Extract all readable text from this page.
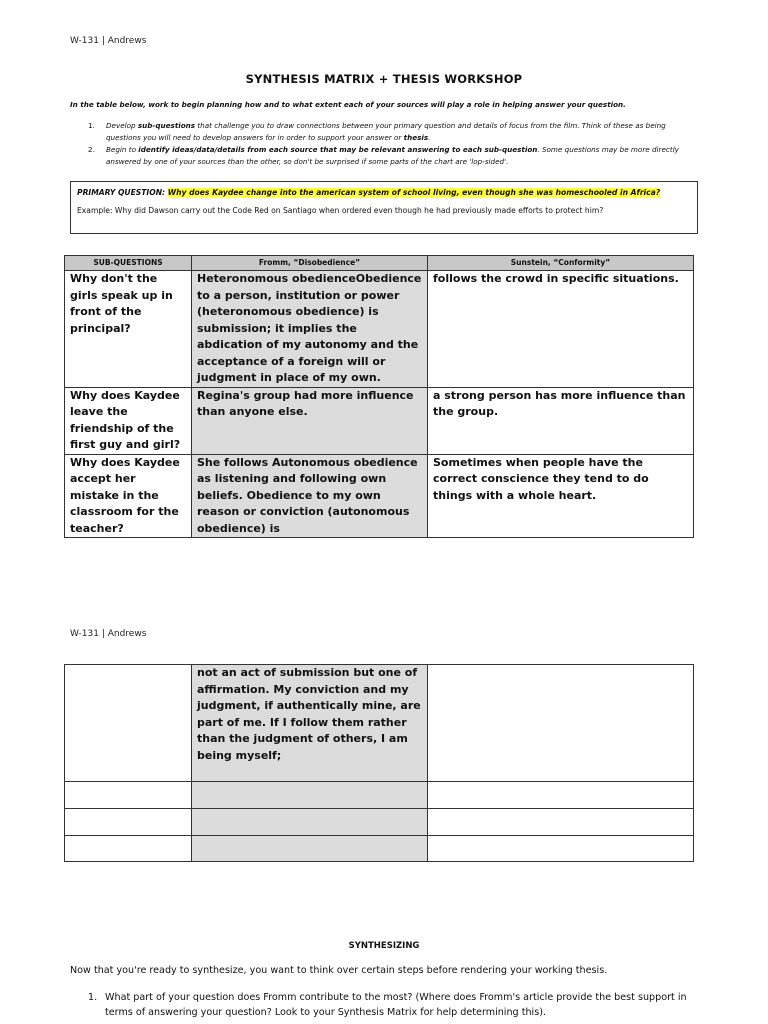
W-131 | Andrews
SYNTHESIS MATRIX + THESIS WORKSHOP
In the table below, work to begin planning how and to what extent each of your sources will play a role in helping answer your question.
1. Develop sub-questions that challenge you to draw connections between your primary question and details of focus from the film. Think of these as being questions you will need to develop answers for in order to support your answer or thesis.
2. Begin to identify ideas/data/details from each source that may be relevant answering to each sub-question. Some questions may be more directly answered by one of your sources than the other, so don't be surprised if some parts of the chart are 'lop-sided'.
PRIMARY QUESTION: Why does Kaydee change into the american system of school living, even though she was homeschooled in Africa?
Example: Why did Dawson carry out the Code Red on Santiago when ordered even though he had previously made efforts to protect him?
SUB-QUESTIONS	Fromm, “Disobedience”	Sunstein, “Conformity”
Why don't the girls speak up in front of the principal?	Heteronomous obedienceObedience to a person, institution or power (heteronomous obedience) is submission; it implies the abdication of my autonomy and the acceptance of a foreign will or judgment in place of my own.	follows the crowd in specific situations.
Why does Kaydee leave the friendship of the first guy and girl?	Regina's group had more influence than anyone else.	a strong person has more influence than the group.
Why does Kaydee accept her mistake in the classroom for the teacher?	She follows Autonomous obedience as listening and following own beliefs. Obedience to my own reason or conviction (autonomous obedience) is	Sometimes when people have the correct conscience they tend to do things with a whole heart.
W-131 | Andrews
	not an act of submission but one of affirmation. My conviction and my judgment, if authentically mine, are part of me. If I follow them rather than the judgment of others, I am being myself;	

SYNTHESIZING
Now that you're ready to synthesize, you want to think over certain steps before rendering your working thesis.
1. What part of your question does Fromm contribute to the most? (Where does Fromm's article provide the best support in terms of answering your question? Look to your Synthesis Matrix for help determining this).
